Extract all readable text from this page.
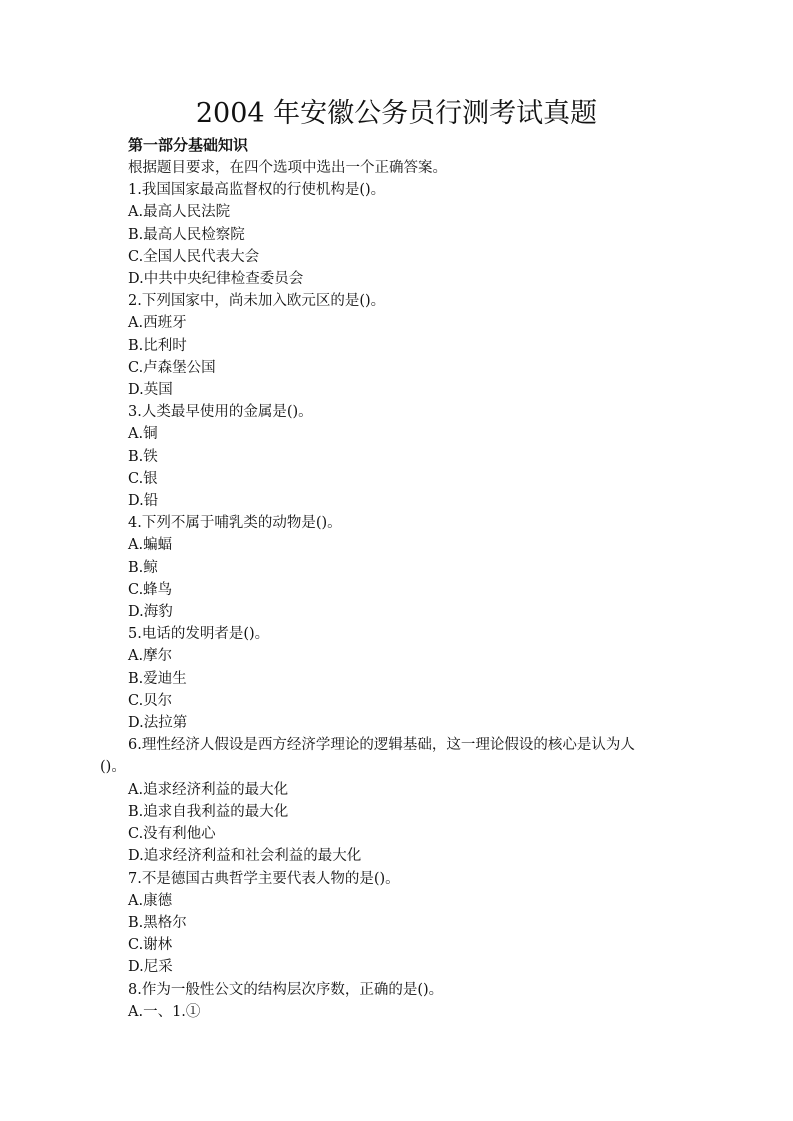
2004 年安徽公务员行测考试真题
第一部分基础知识
根据题目要求，在四个选项中选出一个正确答案。
1.我国国家最高监督权的行使机构是()。
A.最高人民法院
B.最高人民检察院
C.全国人民代表大会
D.中共中央纪律检查委员会
2.下列国家中，尚未加入欧元区的是()。
A.西班牙
B.比利时
C.卢森堡公国
D.英国
3.人类最早使用的金属是()。
A.铜
B.铁
C.银
D.铅
4.下列不属于哺乳类的动物是()。
A.蝙蝠
B.鲸
C.蜂鸟
D.海豹
5.电话的发明者是()。
A.摩尔
B.爱迪生
C.贝尔
D.法拉第
6.理性经济人假设是西方经济学理论的逻辑基础，这一理论假设的核心是认为人
()。
A.追求经济利益的最大化
B.追求自我利益的最大化
C.没有利他心
D.追求经济利益和社会利益的最大化
7.不是德国古典哲学主要代表人物的是()。
A.康德
B.黑格尔
C.谢林
D.尼采
8.作为一般性公文的结构层次序数，正确的是()。
A.一、1.①
